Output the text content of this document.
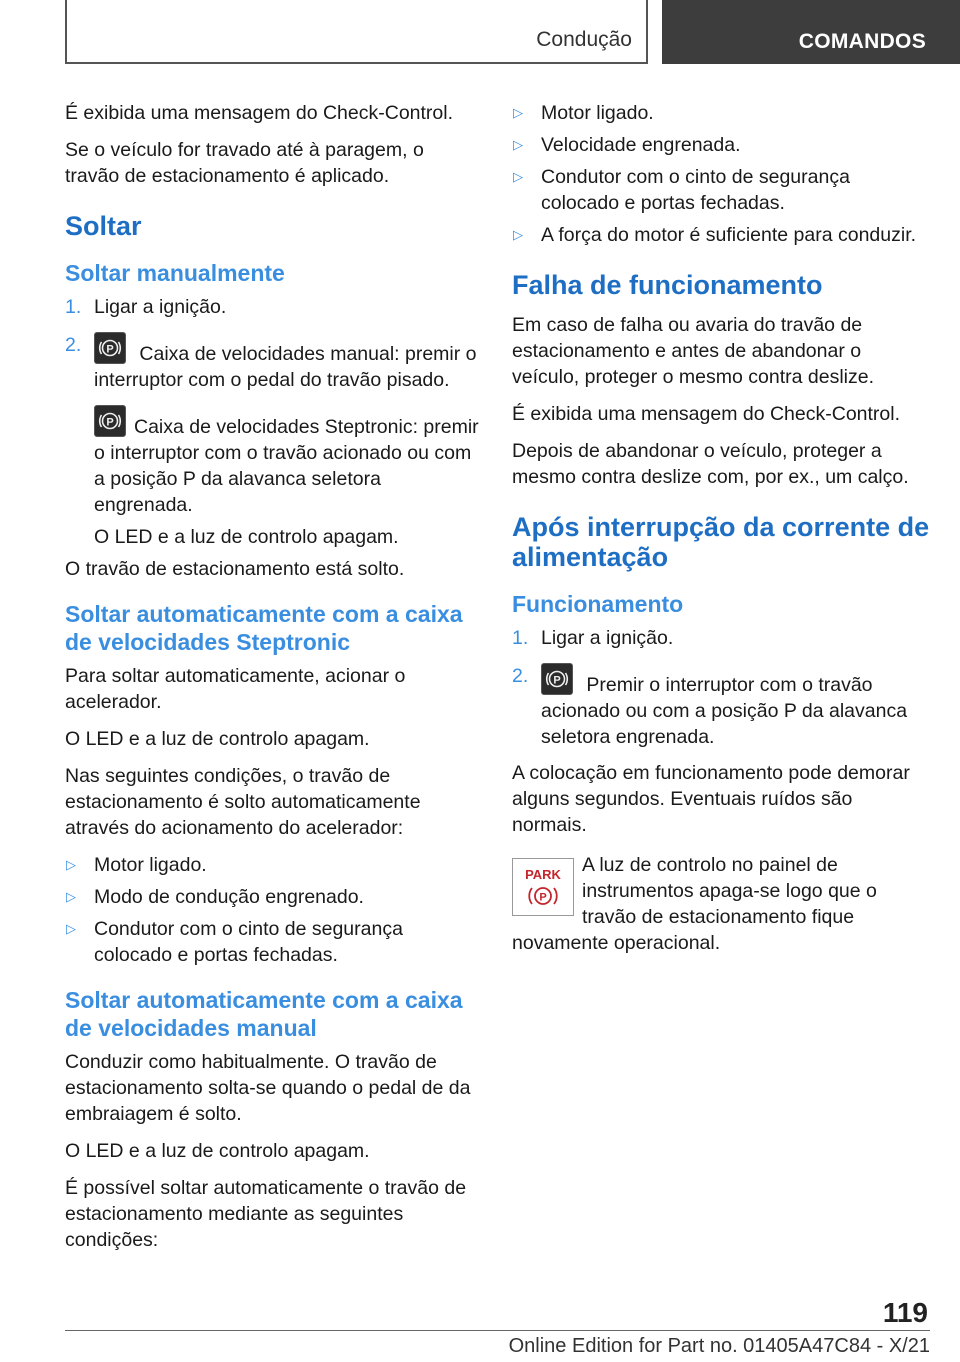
Condução	COMANDOS

É exibida uma mensagem do Check-Control.

Se o veículo for travado até à paragem, o travão de estacionamento é aplicado.

Soltar
Soltar manualmente
1. Ligar a ignição.
2. P Caixa de velocidades manual: premir o interruptor com o pedal do travão pisado.

P Caixa de velocidades Steptronic: premir o interruptor com o travão acionado ou com a posição P da alavanca seletora engrenada.

O LED e a luz de controlo apagam.

O travão de estacionamento está solto.

Soltar automaticamente com a caixa de velocidades Steptronic

Para soltar automaticamente, acionar o acelerador.

O LED e a luz de controlo apagam.

Nas seguintes condições, o travão de estacionamento é solto automaticamente através do acionamento do acelerador:

▷ Motor ligado.
▷ Modo de condução engrenado.
▷ Condutor com o cinto de segurança colocado e portas fechadas.
Soltar automaticamente com a caixa de velocidades manual

Conduzir como habitualmente. O travão de estacionamento solta-se quando o pedal de da embraiagem é solto.

O LED e a luz de controlo apagam.

É possível soltar automaticamente o travão de estacionamento mediante as seguintes condições:

▷ Motor ligado.
▷ Velocidade engrenada.
▷ Condutor com o cinto de segurança colocado e portas fechadas.
▷ A força do motor é suficiente para conduzir.
Falha de funcionamento

Em caso de falha ou avaria do travão de estacionamento e antes de abandonar o veículo, proteger o mesmo contra deslize.

É exibida uma mensagem do Check-Control.

Depois de abandonar o veículo, proteger a mesmo contra deslize com, por ex., um calço.

Após interrupção da corrente de alimentação
Funcionamento
1. Ligar a ignição.
2. P Premir o interruptor com o travão acionado ou com a posição P da alavanca seletora engrenada.

A colocação em funcionamento pode demorar alguns segundos. Eventuais ruídos são normais.

PARK
P

A luz de controlo no painel de instrumentos apaga-se logo que o travão de estacionamento fique novamente operacional.

119
Online Edition for Part no. 01405A47C84 - X/21
